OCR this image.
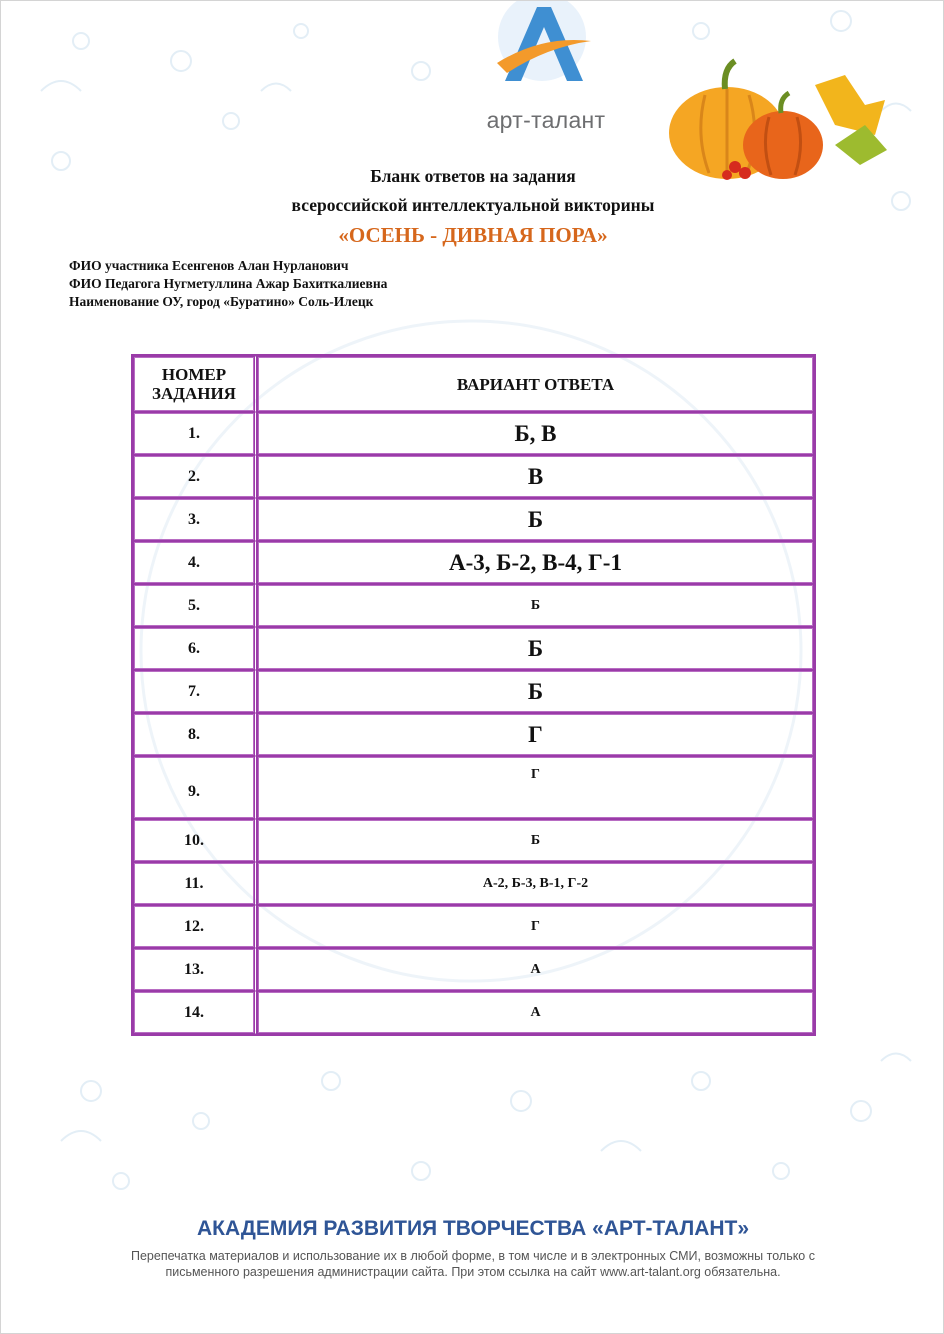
арт-талант
Бланк ответов на задания
всероссийской интеллектуальной викторины
«ОСЕНЬ - ДИВНАЯ ПОРА»
ФИО участника Есенгенов Алан Нурланович
ФИО Педагога Нугметуллина Ажар Бахиткалиевна
Наименование ОУ, город «Буратино» Соль-Илецк
НОМЕР
ЗАДАНИЯ	ВАРИАНТ ОТВЕТА
1.	Б, В
2.	В
3.	Б
4.	А-3, Б-2, В-4, Г-1
5.	Б
6.	Б
7.	Б
8.	Г
9.	Г
10.	Б
11.	А-2, Б-3, В-1, Г-2
12.	Г
13.	А
14.	А
АКАДЕМИЯ РАЗВИТИЯ ТВОРЧЕСТВА «АРТ-ТАЛАНТ»
Перепечатка материалов и использование их в любой форме, в том числе и в электронных СМИ, возможны только с
письменного разрешения администрации сайта. При этом ссылка на сайт www.art-talant.org обязательна.
